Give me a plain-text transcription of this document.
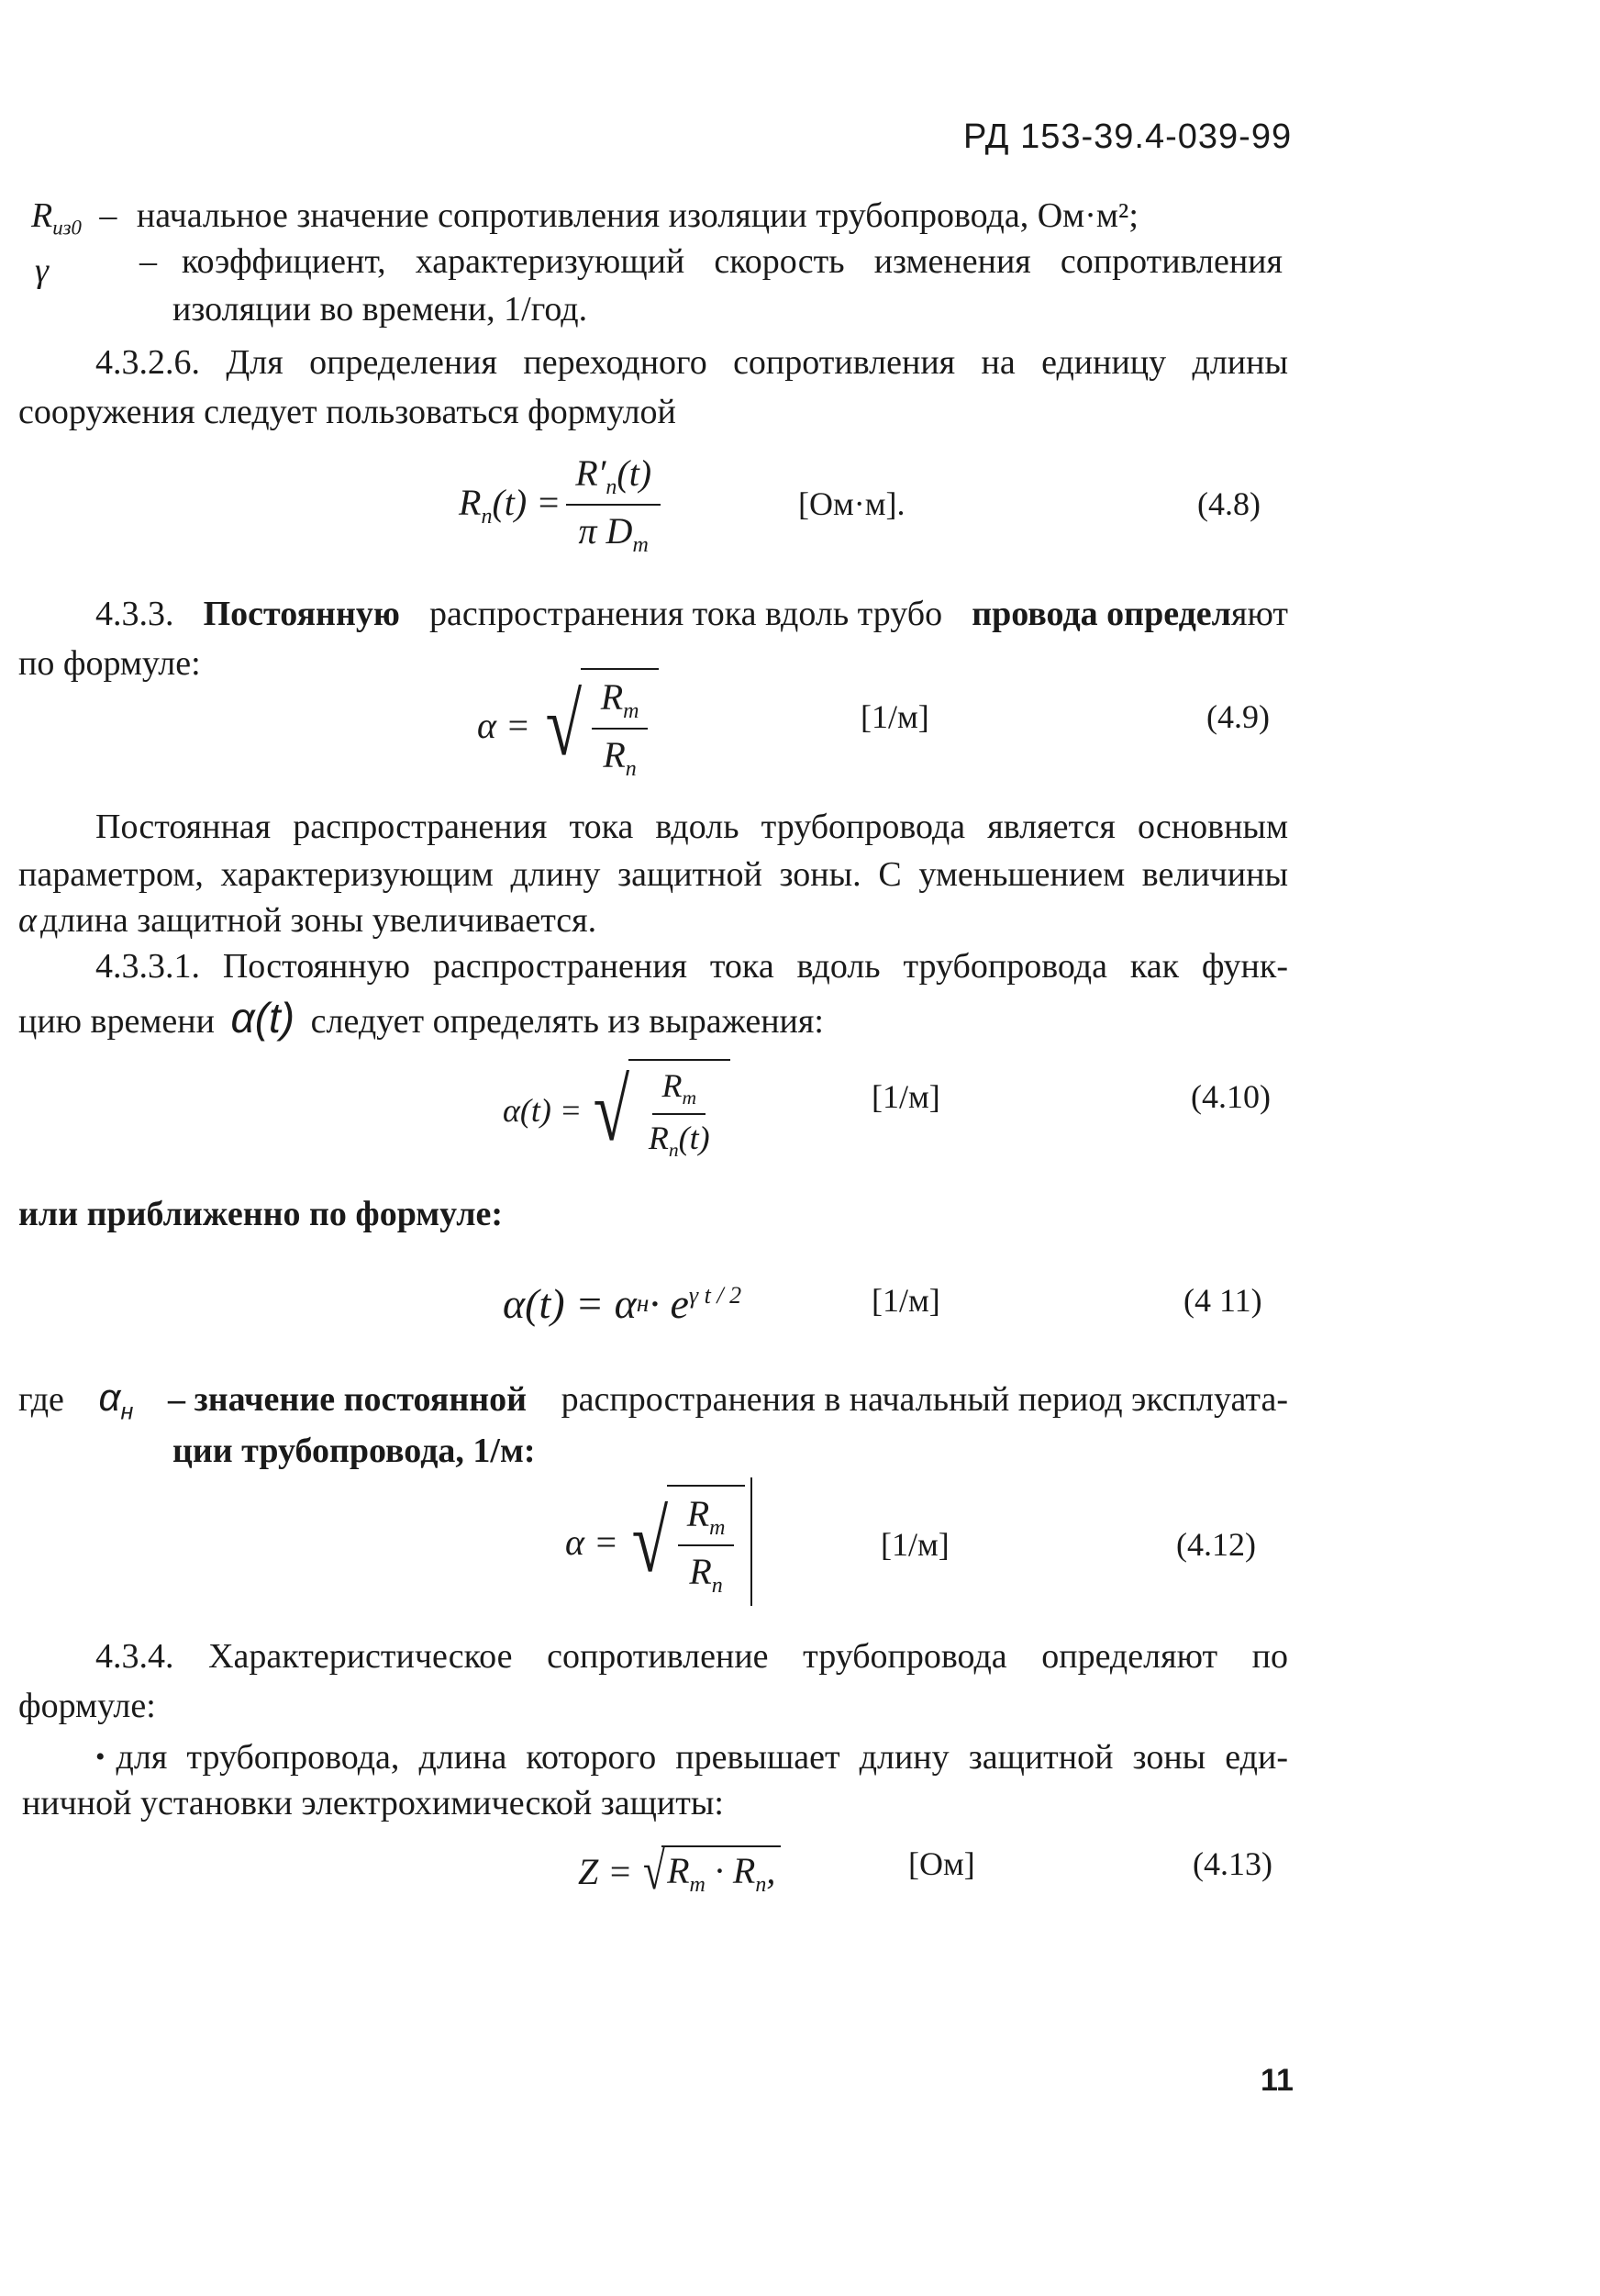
РД 153-39.4-039-99
$R_{из0}$ – начальное значение сопротивления изоляции трубопровода, Ом·м²;
γ	– коэффициент, характеризующий скорость изменения сопротивления
изоляции во времени, 1/год.
4.3.2.6. Для определения переходного сопротивления на единицу длины
сооружения следует пользоваться формулой
$R_п(t) = \frac{R'_п(t)}{\pi D_т}$	[Ом·м].	(4.8)
4.3.3. Постоянную распространения тока вдоль трубо провода определяют
по формуле:
α = √ $\frac{R_т}{R_п}$	[1/м]	(4.9)
Постоянная распространения тока вдоль трубопровода является основным
параметром, характеризующим длину защитной зоны. С уменьшением величины
α длина защитной зоны увеличивается.
4.3.3.1. Постоянную распространения тока вдоль трубопровода как функ-
цию времени α(t) следует определять из выражения:
α(t) = √ $\frac{R_т}{R_п(t)}$	[1/м]	(4.10)
или приближенно по формуле:
α(t) = α $н \cdot e^{\gamma t / 2}$	[1/м]	(4 11)
где $\alpha_н$ – значение постоянной распространения в начальный период эксплуата-
ции трубопровода, 1/м:
α = √ $\frac{R_т}{R_п}$	[1/м]	(4.12)
4.3.4. Характеристическое сопротивление трубопровода определяют по
формуле:
• для трубопровода, длина которого превышает длину защитной зоны еди-
ничной установки электрохимической защиты:
Z = √ $R_т \cdot R_п$,	[Ом]	(4.13)
11
